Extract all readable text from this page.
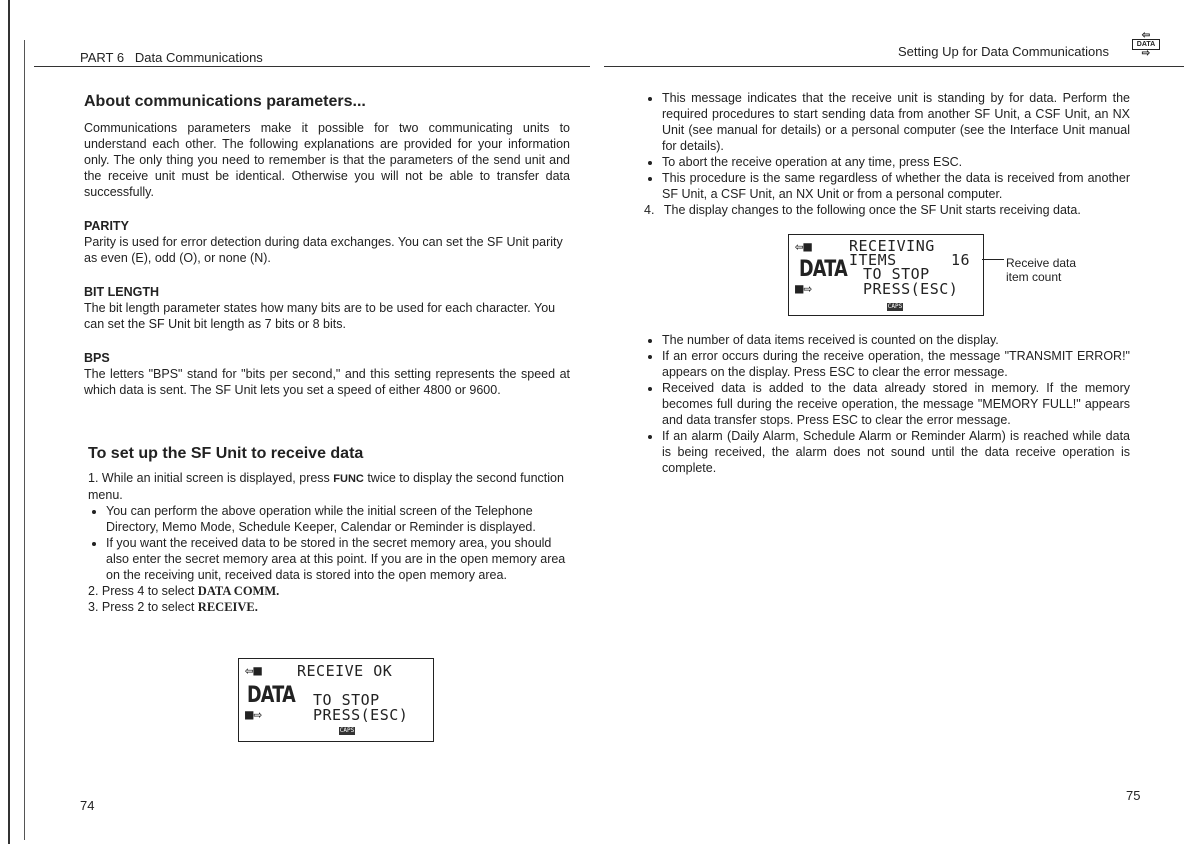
PART 6 Data Communications
About communications parameters...

Communications parameters make it possible for two communicating units to understand each other. The following explanations are provided for your information only. The only thing you need to remember is that the parameters of the send unit and the receive unit must be identical. Otherwise you will not be able to transfer data successfully.

PARITY

Parity is used for error detection during data exchanges. You can set the SF Unit parity as even (E), odd (O), or none (N).

BIT LENGTH

The bit length parameter states how many bits are to be used for each character. You can set the SF Unit bit length as 7 bits or 8 bits.

BPS

The letters "BPS" stand for "bits per second," and this setting represents the speed at which data is sent. The SF Unit lets you set a speed of either 4800 or 9600.

To set up the SF Unit to receive data
1. While an initial screen is displayed, press FUNC twice to display the second function menu.
• You can perform the above operation while the initial screen of the Telephone Directory, Memo Mode, Schedule Keeper, Calendar or Reminder is displayed.
• If you want the received data to be stored in the secret memory area, you should also enter the secret memory area at this point. If you are in the open memory area on the receiving unit, received data is stored into the open memory area.
2. Press 4 to select DATA COMM.
3. Press 2 to select RECEIVE.
⇦■ RECEIVE OK
DATA TO STOP
■⇨	PRESS(ESC)
CAPS
74
Setting Up for Data Communications
⇦
DATA
⇨
• This message indicates that the receive unit is standing by for data. Perform the required procedures to start sending data from another SF Unit, a CSF Unit, an NX Unit (see manual for details) or a personal computer (see the Interface Unit manual for details).
• To abort the receive operation at any time, press ESC.
• This procedure is the same regardless of whether the data is received from another SF Unit, a CSF Unit, an NX Unit or from a personal computer.
4. The display changes to the following once the SF Unit starts receiving data.
⇦■ RECEIVING
ITEMS	16
DATA TO STOP
■⇨	PRESS(ESC)
CAPS
Receive data item count
• The number of data items received is counted on the display.
• If an error occurs during the receive operation, the message "TRANSMIT ERROR!" appears on the display. Press ESC to clear the error message.
• Received data is added to the data already stored in memory. If the memory becomes full during the receive operation, the message "MEMORY FULL!" appears and data transfer stops. Press ESC to clear the error message.
• If an alarm (Daily Alarm, Schedule Alarm or Reminder Alarm) is reached while data is being received, the alarm does not sound until the data receive operation is complete.
75
